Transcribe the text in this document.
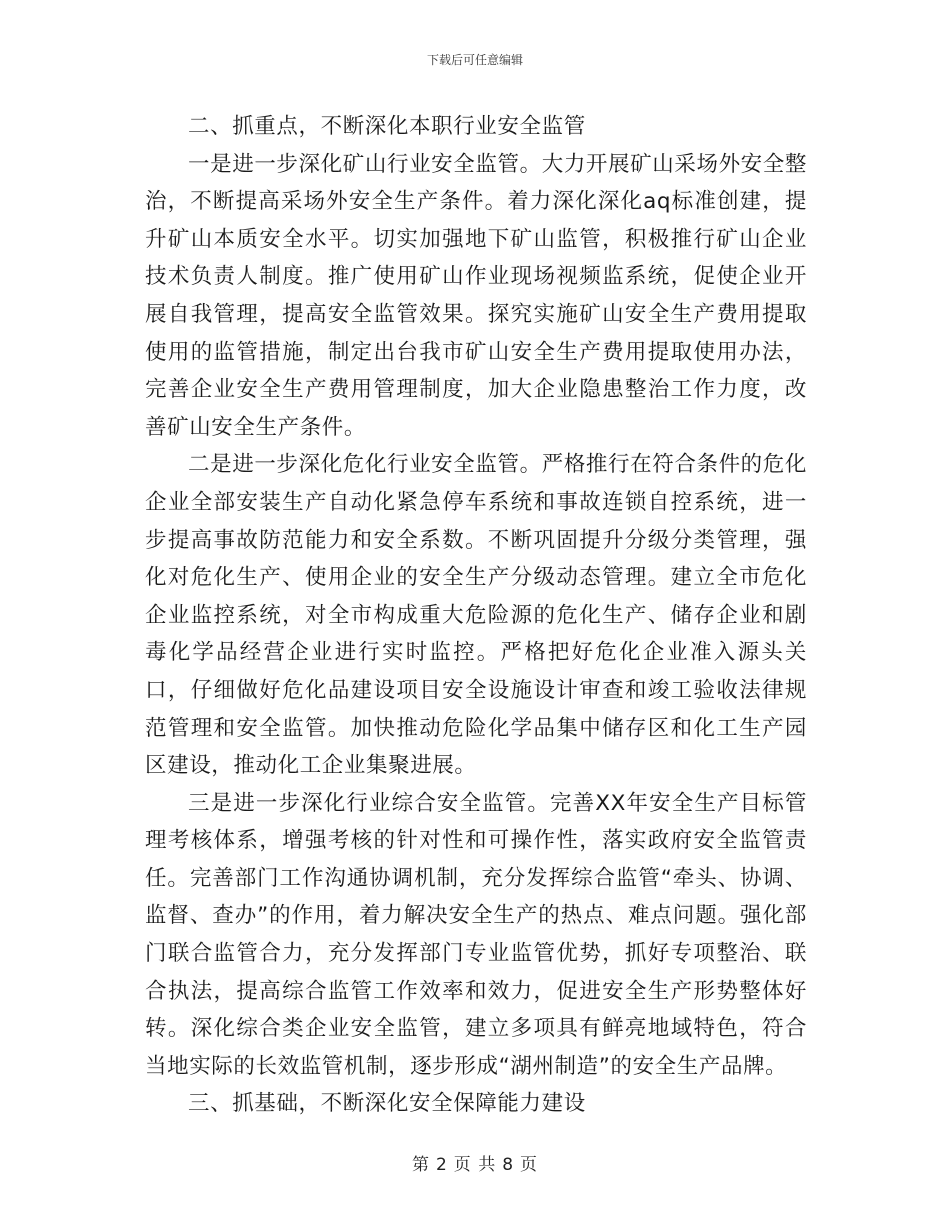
下载后可任意编辑

二、抓重点，不断深化本职行业安全监管

一是进一步深化矿山行业安全监管。大力开展矿山采场外安全整治，不断提高采场外安全生产条件。着力深化深化aq标准创建，提升矿山本质安全水平。切实加强地下矿山监管，积极推行矿山企业技术负责人制度。推广使用矿山作业现场视频监系统，促使企业开展自我管理，提高安全监管效果。探究实施矿山安全生产费用提取使用的监管措施，制定出台我市矿山安全生产费用提取使用办法，完善企业安全生产费用管理制度，加大企业隐患整治工作力度，改善矿山安全生产条件。

二是进一步深化危化行业安全监管。严格推行在符合条件的危化企业全部安装生产自动化紧急停车系统和事故连锁自控系统，进一步提高事故防范能力和安全系数。不断巩固提升分级分类管理，强化对危化生产、使用企业的安全生产分级动态管理。建立全市危化企业监控系统，对全市构成重大危险源的危化生产、储存企业和剧毒化学品经营企业进行实时监控。严格把好危化企业准入源头关口，仔细做好危化品建设项目安全设施设计审查和竣工验收法律规范管理和安全监管。加快推动危险化学品集中储存区和化工生产园区建设，推动化工企业集聚进展。

三是进一步深化行业综合安全监管。完善XX年安全生产目标管理考核体系，增强考核的针对性和可操作性，落实政府安全监管责任。完善部门工作沟通协调机制，充分发挥综合监管“牵头、协调、监督、查办”的作用，着力解决安全生产的热点、难点问题。强化部门联合监管合力，充分发挥部门专业监管优势，抓好专项整治、联合执法，提高综合监管工作效率和效力，促进安全生产形势整体好转。深化综合类企业安全监管，建立多项具有鲜亮地域特色，符合当地实际的长效监管机制，逐步形成“湖州制造”的安全生产品牌。

三、抓基础，不断深化安全保障能力建设

第 2 页 共 8 页
